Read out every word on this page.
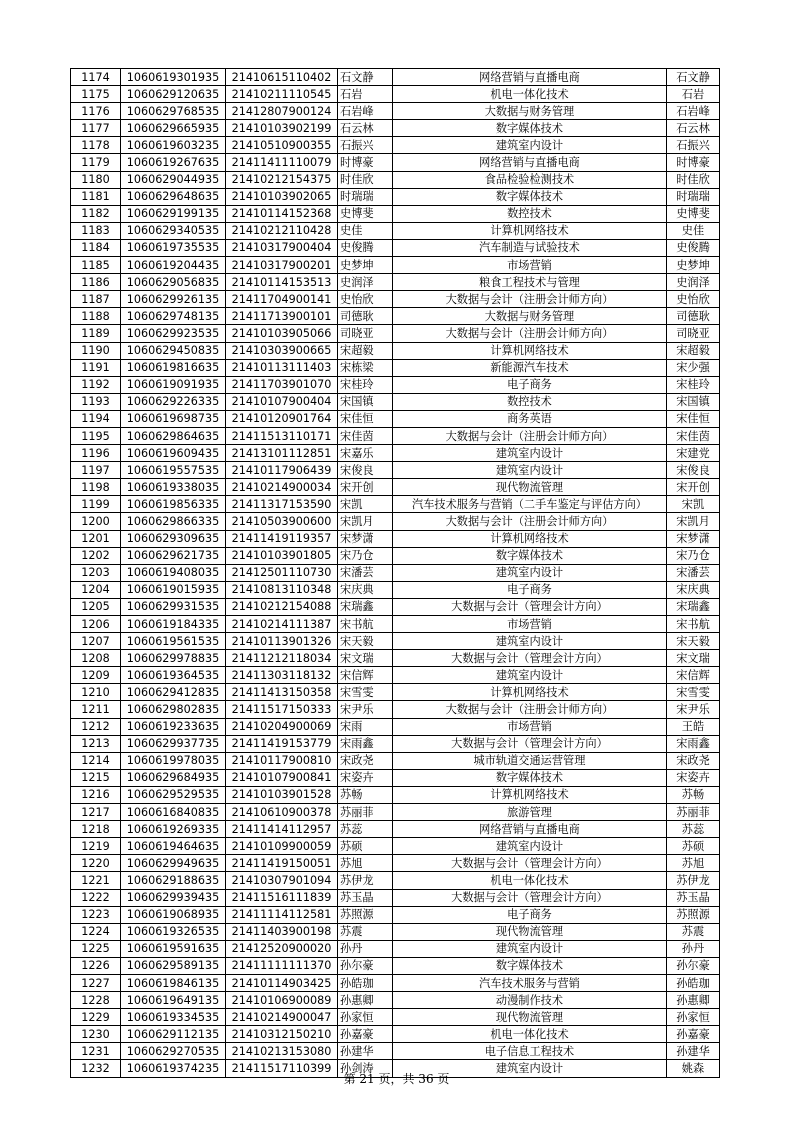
1174	1060619301935	21410615110402	石文静	网络营销与直播电商	石文静
1175	1060629120635	21410211110545	石岩	机电一体化技术	石岩
1176	1060629768535	21412807900124	石岩峰	大数据与财务管理	石岩峰
1177	1060629665935	21410103902199	石云林	数字媒体技术	石云林
1178	1060619603235	21410510900355	石振兴	建筑室内设计	石振兴
1179	1060619267635	21411411110079	时博豪	网络营销与直播电商	时博豪
1180	1060629044935	21410212154375	时佳欣	食品检验检测技术	时佳欣
1181	1060629648635	21410103902065	时瑞瑞	数字媒体技术	时瑞瑞
1182	1060629199135	21410114152368	史博斐	数控技术	史博斐
1183	1060629340535	21410212110428	史佳	计算机网络技术	史佳
1184	1060619735535	21410317900404	史俊腾	汽车制造与试验技术	史俊腾
1185	1060619204435	21410317900201	史梦坤	市场营销	史梦坤
1186	1060629056835	21410114153513	史润泽	粮食工程技术与管理	史润泽
1187	1060629926135	21411704900141	史怡欣	大数据与会计（注册会计师方向）	史怡欣
1188	1060629748135	21411713900101	司德耿	大数据与财务管理	司德耿
1189	1060629923535	21410103905066	司晓亚	大数据与会计（注册会计师方向）	司晓亚
1190	1060629450835	21410303900665	宋超毅	计算机网络技术	宋超毅
1191	1060619816635	21410113111403	宋栋梁	新能源汽车技术	宋少强
1192	1060619091935	21411703901070	宋桂玲	电子商务	宋桂玲
1193	1060629226335	21410107900404	宋国镇	数控技术	宋国镇
1194	1060619698735	21410120901764	宋佳恒	商务英语	宋佳恒
1195	1060629864635	21411513110171	宋佳茵	大数据与会计（注册会计师方向）	宋佳茵
1196	1060619609435	21413101112851	宋嘉乐	建筑室内设计	宋建党
1197	1060619557535	21410117906439	宋俊良	建筑室内设计	宋俊良
1198	1060619338035	21410214900034	宋开创	现代物流管理	宋开创
1199	1060619856335	21411317153590	宋凯	汽车技术服务与营销（二手车鉴定与评估方向）	宋凯
1200	1060629866335	21410503900600	宋凯月	大数据与会计（注册会计师方向）	宋凯月
1201	1060629309635	21411419119357	宋梦潇	计算机网络技术	宋梦潇
1202	1060629621735	21410103901805	宋乃仓	数字媒体技术	宋乃仓
1203	1060619408035	21412501110730	宋潘芸	建筑室内设计	宋潘芸
1204	1060619015935	21410813110348	宋庆典	电子商务	宋庆典
1205	1060629931535	21410212154088	宋瑞鑫	大数据与会计（管理会计方向）	宋瑞鑫
1206	1060619184335	21410214111387	宋书航	市场营销	宋书航
1207	1060619561535	21410113901326	宋天毅	建筑室内设计	宋天毅
1208	1060629978835	21411212118034	宋文瑞	大数据与会计（管理会计方向）	宋文瑞
1209	1060619364535	21411303118132	宋信辉	建筑室内设计	宋信辉
1210	1060629412835	21411413150358	宋雪雯	计算机网络技术	宋雪雯
1211	1060629802835	21411517150333	宋尹乐	大数据与会计（注册会计师方向）	宋尹乐
1212	1060619233635	21410204900069	宋雨	市场营销	王皓
1213	1060629937735	21411419153779	宋雨鑫	大数据与会计（管理会计方向）	宋雨鑫
1214	1060619978035	21410117900810	宋政尧	城市轨道交通运营管理	宋政尧
1215	1060629684935	21410107900841	宋姿卉	数字媒体技术	宋姿卉
1216	1060629529535	21410103901528	苏畅	计算机网络技术	苏畅
1217	1060616840835	21410610900378	苏丽菲	旅游管理	苏丽菲
1218	1060619269335	21411414112957	苏蕊	网络营销与直播电商	苏蕊
1219	1060619464635	21410109900059	苏硕	建筑室内设计	苏硕
1220	1060629949635	21411419150051	苏旭	大数据与会计（管理会计方向）	苏旭
1221	1060629188635	21410307901094	苏伊龙	机电一体化技术	苏伊龙
1222	1060629939435	21411516111839	苏玉晶	大数据与会计（管理会计方向）	苏玉晶
1223	1060619068935	21411114112581	苏照源	电子商务	苏照源
1224	1060619326535	21411403900198	苏震	现代物流管理	苏震
1225	1060619591635	21412520900020	孙丹	建筑室内设计	孙丹
1226	1060629589135	21411111111370	孙尔豪	数字媒体技术	孙尔豪
1227	1060619846135	21410114903425	孙皓珈	汽车技术服务与营销	孙皓珈
1228	1060619649135	21410106900089	孙惠卿	动漫制作技术	孙惠卿
1229	1060619334535	21410214900047	孙家恒	现代物流管理	孙家恒
1230	1060629112135	21410312150210	孙嘉豪	机电一体化技术	孙嘉豪
1231	1060629270535	21410213153080	孙建华	电子信息工程技术	孙建华
1232	1060619374235	21411517110399	孙剑涛	建筑室内设计	姚森
第 21 页，共 36 页
